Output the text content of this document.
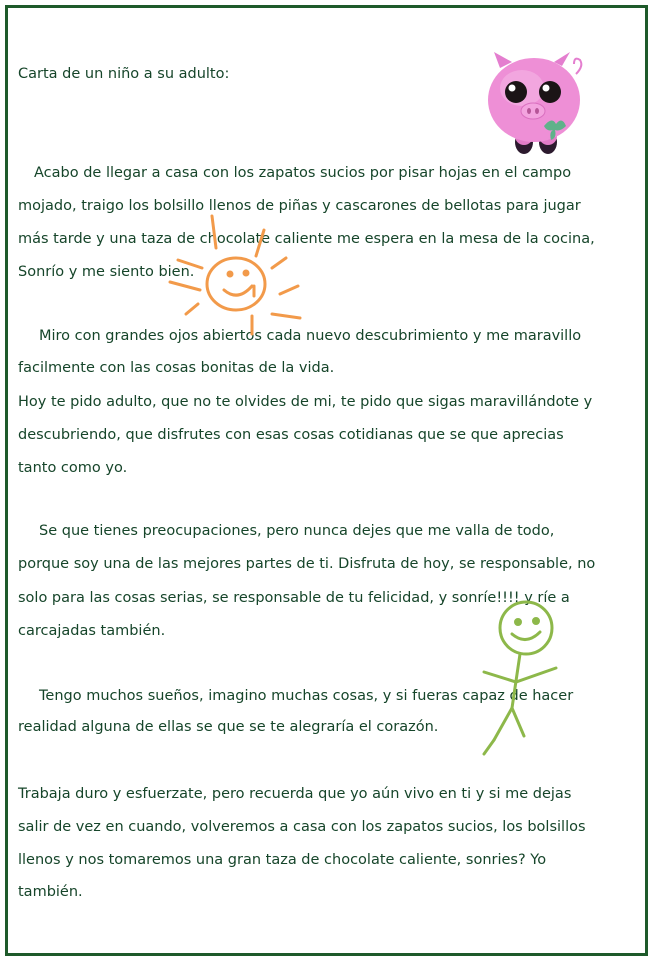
Carta de un niño a su adulto:
Acabo de llegar a casa con los zapatos sucios por pisar hojas en el campo
mojado, traigo los bolsillo llenos de piñas y cascarones de bellotas para jugar
más tarde y una taza de chocolate caliente me espera en la mesa de la cocina,
Sonrío y me siento bien.
Miro con grandes ojos abiertos cada nuevo descubrimiento y me maravillo
facilmente con las cosas bonitas de la vida.
Hoy te pido adulto, que no te olvides de mi, te pido que sigas maravillándote y
descubriendo, que disfrutes con esas cosas cotidianas que se que aprecias
tanto como yo.
Se que tienes preocupaciones, pero nunca dejes que me valla de todo,
porque soy una de las mejores partes de ti. Disfruta de hoy, se responsable, no
solo para las cosas serias, se responsable de tu felicidad, y sonríe!!!! y ríe a
carcajadas también.
Tengo muchos sueños, imagino muchas cosas, y si fueras capaz de hacer
realidad alguna de ellas se que se te alegraría el corazón.
Trabaja duro y esfuerzate, pero recuerda que yo aún vivo en ti y si me dejas
salir de vez en cuando, volveremos a casa con los zapatos sucios, los bolsillos
llenos y nos tomaremos una gran taza de chocolate caliente, sonries? Yo
también.
